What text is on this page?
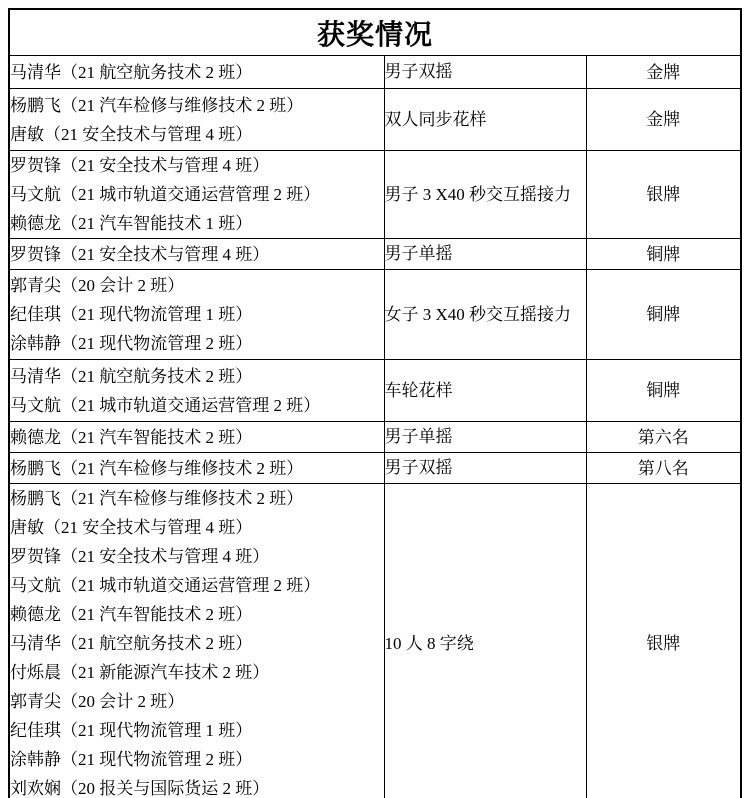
获奖情况		

马清华（21 航空航务技术 2 班）	男子双摇	金牌

杨鹏飞（21 汽车检修与维修技术 2 班）
唐敏（21 安全技术与管理 4 班）	双人同步花样	金牌

罗贺锋（21 安全技术与管理 4 班）
马文航（21 城市轨道交通运营管理 2 班）
赖德龙（21 汽车智能技术 1 班）	男子 3 X40 秒交互摇接力	银牌

罗贺锋（21 安全技术与管理 4 班）	男子单摇	铜牌

郭青尖（20 会计 2 班）
纪佳琪（21 现代物流管理 1 班）
涂韩静（21 现代物流管理 2 班）	女子 3 X40 秒交互摇接力	铜牌

马清华（21 航空航务技术 2 班）
马文航（21 城市轨道交通运营管理 2 班）	车轮花样	铜牌

赖德龙（21 汽车智能技术 2 班）	男子单摇	第六名

杨鹏飞（21 汽车检修与维修技术 2 班）	男子双摇	第八名

杨鹏飞（21 汽车检修与维修技术 2 班）
唐敏（21 安全技术与管理 4 班）
罗贺锋（21 安全技术与管理 4 班）
马文航（21 城市轨道交通运营管理 2 班）
赖德龙（21 汽车智能技术 2 班）
马清华（21 航空航务技术 2 班）
付烁晨（21 新能源汽车技术 2 班）
郭青尖（20 会计 2 班）
纪佳琪（21 现代物流管理 1 班）
涂韩静（21 现代物流管理 2 班）
刘欢娴（20 报关与国际货运 2 班）
	10 人 8 字绕	银牌
